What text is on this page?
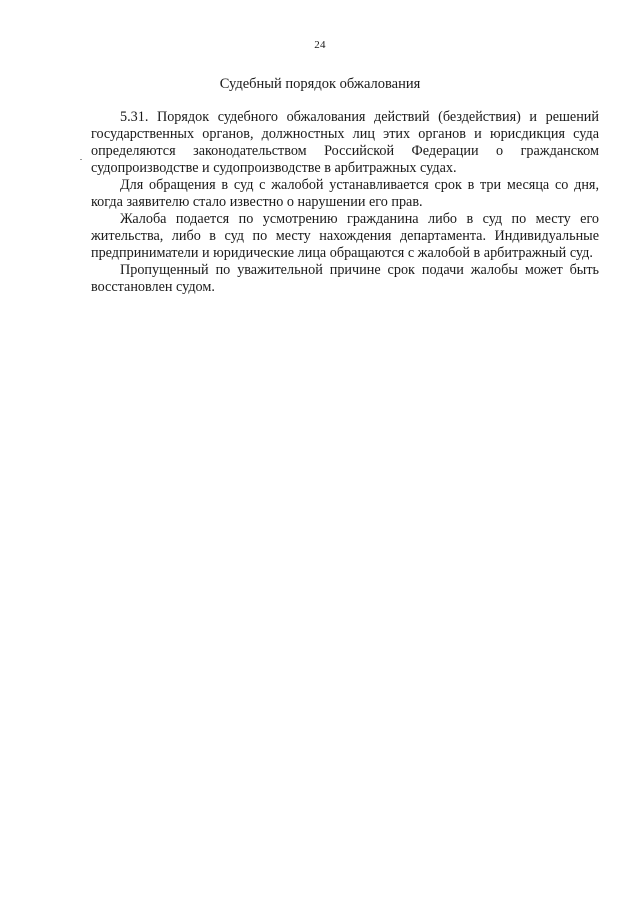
24
Судебный порядок обжалования

5.31. Порядок судебного обжалования действий (бездействия) и решений государственных органов, должностных лиц этих органов и юрисдикция суда определяются законодательством Российской Федерации о гражданском судопроизводстве и судопроизводстве в арбитражных судах.

Для обращения в суд с жалобой устанавливается срок в три месяца со дня, когда заявителю стало известно о нарушении его прав.

Жалоба подается по усмотрению гражданина либо в суд по месту его жительства, либо в суд по месту нахождения департамента. Индивидуальные предприниматели и юридические лица обращаются с жалобой в арбитражный суд.

Пропущенный по уважительной причине срок подачи жалобы может быть восстановлен судом.
